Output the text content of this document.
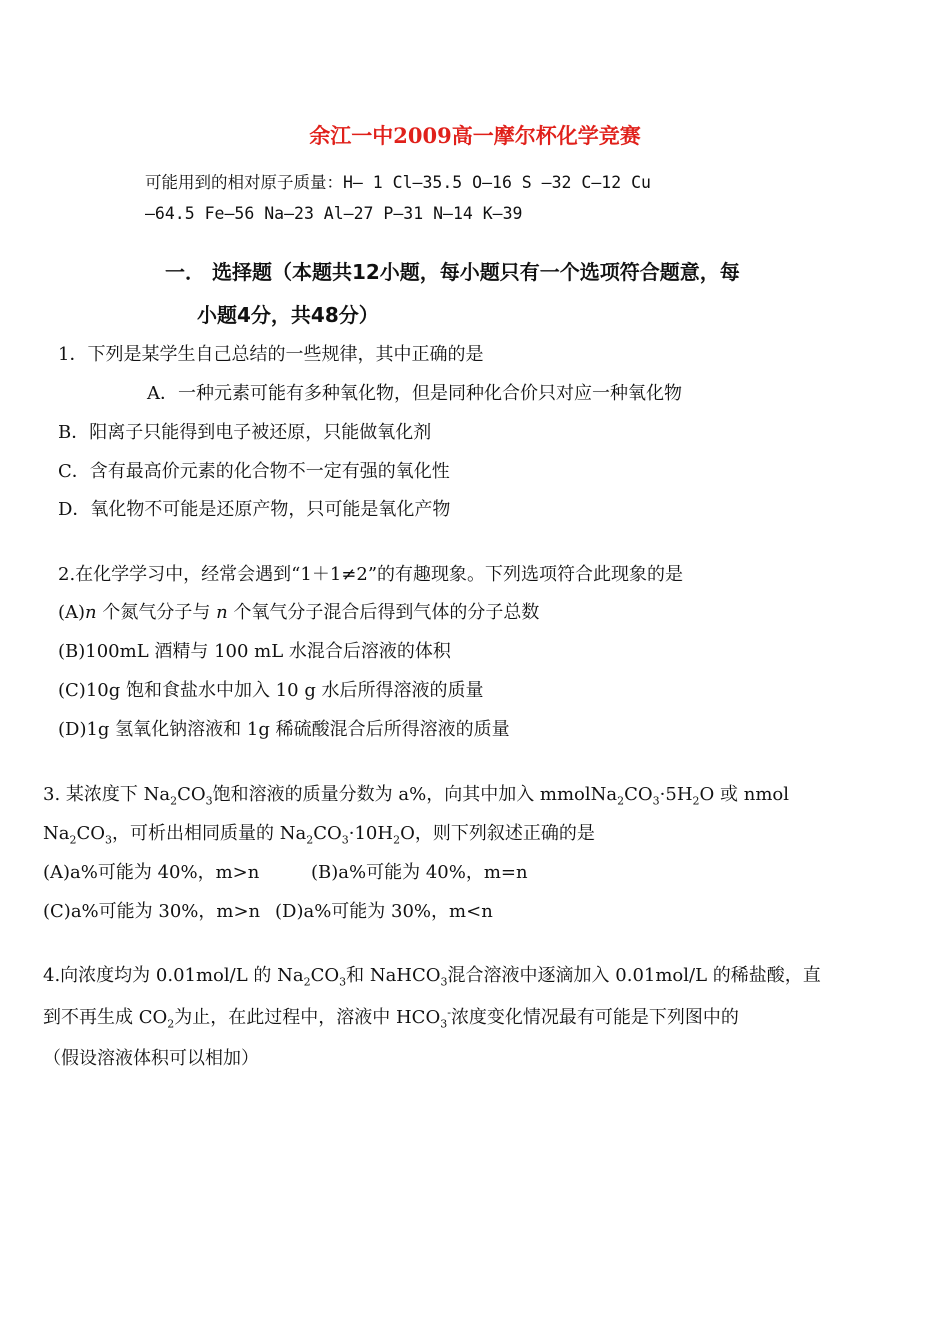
余江一中2009高一摩尔杯化学竞赛
可能用到的相对原子质量：H— 1 Cl—35.5 O—16 S —32 C—12 Cu
—64.5 Fe—56 Na—23 Al—27 P—31 N—14 K—39
一． 选择题（本题共12小题，每小题只有一个选项符合题意，每
小题4分，共48分）
1．下列是某学生自己总结的一些规律，其中正确的是
A．一种元素可能有多种氧化物，但是同种化合价只对应一种氧化物
B．阳离子只能得到电子被还原，只能做氧化剂
C．含有最高价元素的化合物不一定有强的氧化性
D．氧化物不可能是还原产物，只可能是氧化产物
2.在化学学习中，经常会遇到“1＋1≠2”的有趣现象。下列选项符合此现象的是
(A)n 个氮气分子与 n 个氧气分子混合后得到气体的分子总数
(B)100mL 酒精与 100 mL 水混合后溶液的体积
(C)10g 饱和食盐水中加入 10 g 水后所得溶液的质量
(D)1g 氢氧化钠溶液和 1g 稀硫酸混合后所得溶液的质量
3. 某浓度下 $Na_2CO_3$饱和溶液的质量分数为 a%，向其中加入 $mmolNa_2CO_3\cdot 5H_2O$ 或 nmol
$Na_2CO_3$，可析出相同质量的 $Na_2CO_3\cdot 10H_2O$，则下列叙述正确的是
(A)a%可能为 40%，m>n	(B)a%可能为 40%，m=n
(C)a%可能为 30%，m>n (D)a%可能为 30%，m<n
4.向浓度均为 0.01mol/L 的 $Na_2CO_3$和 NaHCO$_3$混合溶液中逐滴加入 0.01mol/L 的稀盐酸，直
到不再生成 $CO_2$为止，在此过程中，溶液中 $HCO_3^-$浓度变化情况最有可能是下列图中的
（假设溶液体积可以相加）
